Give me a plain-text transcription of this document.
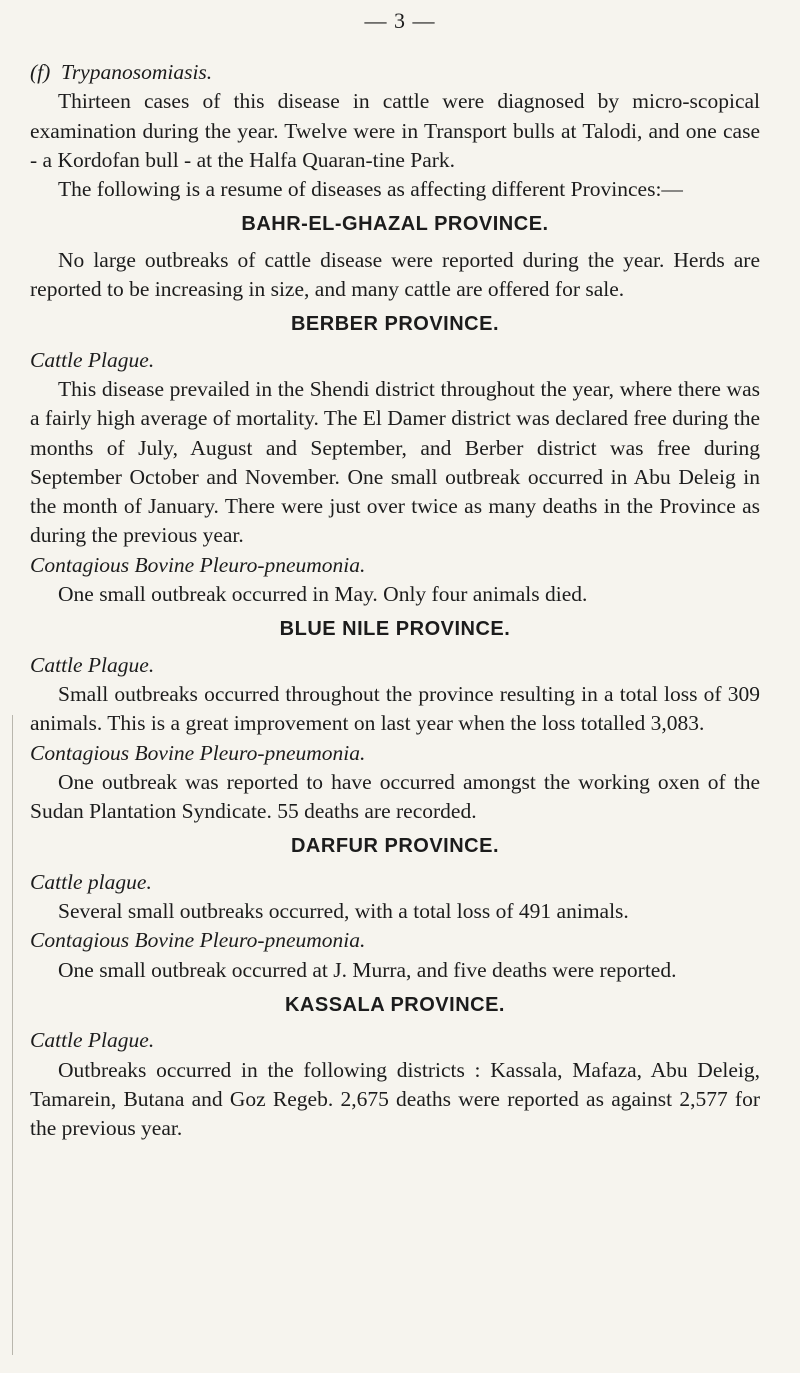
— 3 —

(f) Trypanosomiasis.

Thirteen cases of this disease in cattle were diagnosed by micro-scopical examination during the year. Twelve were in Transport bulls at Talodi, and one case - a Kordofan bull - at the Halfa Quaran-tine Park.

The following is a resume of diseases as affecting different Provinces:—

BAHR-EL-GHAZAL PROVINCE.

No large outbreaks of cattle disease were reported during the year. Herds are reported to be increasing in size, and many cattle are offered for sale.

BERBER PROVINCE.

Cattle Plague.

This disease prevailed in the Shendi district throughout the year, where there was a fairly high average of mortality. The El Damer district was declared free during the months of July, August and September, and Berber district was free during September October and November. One small outbreak occurred in Abu Deleig in the month of January. There were just over twice as many deaths in the Province as during the previous year.

Contagious Bovine Pleuro-pneumonia.

One small outbreak occurred in May. Only four animals died.

BLUE NILE PROVINCE.

Cattle Plague.

Small outbreaks occurred throughout the province resulting in a total loss of 309 animals. This is a great improvement on last year when the loss totalled 3,083.

Contagious Bovine Pleuro-pneumonia.

One outbreak was reported to have occurred amongst the working oxen of the Sudan Plantation Syndicate. 55 deaths are recorded.

DARFUR PROVINCE.

Cattle plague.

Several small outbreaks occurred, with a total loss of 491 animals.

Contagious Bovine Pleuro-pneumonia.

One small outbreak occurred at J. Murra, and five deaths were reported.

KASSALA PROVINCE.

Cattle Plague.

Outbreaks occurred in the following districts : Kassala, Mafaza, Abu Deleig, Tamarein, Butana and Goz Regeb. 2,675 deaths were reported as against 2,577 for the previous year.
